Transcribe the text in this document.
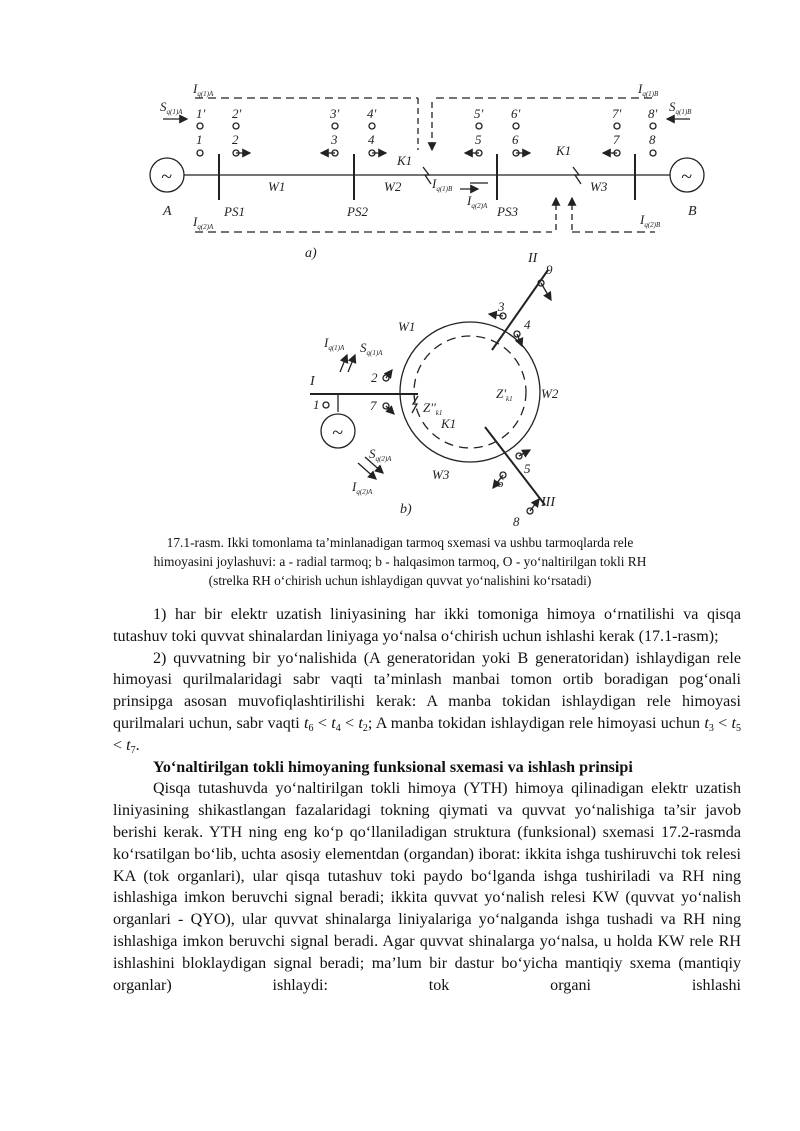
~	~
A	B
PS1	PS2	PS3
W1	W2	W3
K1
K1
1' 2'	3' 4'	5' 6'	7' 8'
1 2	3 4	5 6	7 8
$I_{q(1)A}$	$I_{q(1)B}$
$I_{q(2)A}$	$I_{q(2)B}$
$I_{q(1)B}$
$I_{q(2)A}$
$S_{q(1)A}$	$S_{q(1)B}$
a)
~
I
II
III
W1
W2
W3
K1
$Z'_{k1}$
$Z''_{k1}$
1
2
3
4
5
6
7
8
9
$I_{q(1)A}$ $S_{q(1)A}$
$S_{q(2)A}$
$I_{q(2)A}$
b)
17.1-rasm. Ikki tomonlama ta’minlanadigan tarmoq sxemasi va ushbu tarmoqlarda rele
himoyasini joylashuvi: a - radial tarmoq; b - halqasimon tarmoq, O - yo‘naltirilgan tokli RH
(strelka RH o‘chirish uchun ishlaydigan quvvat yo‘nalishini ko‘rsatadi)

1) har bir elektr uzatish liniyasining har ikki tomoniga himoya o‘rnatilishi va qisqa tutashuv toki quvvat shinalardan liniyaga yo‘nalsa o‘chirish uchun ishlashi kerak (17.1-rasm);

2) quvvatning bir yo‘nalishida (A generatoridan yoki B generatoridan) ishlaydigan rele himoyasi qurilmalaridagi sabr vaqti ta’minlash manbai tomon ortib boradigan pog‘onali prinsipga asosan muvofiqlashtirilishi kerak: A manba tokidan ishlaydigan rele himoyasi qurilmalari uchun, sabr vaqti $t_6 < t_4 < t_2$; A manba tokidan ishlaydigan rele himoyasi uchun $t_3 < t_5 < t_7$.

Yo‘naltirilgan tokli himoyaning funksional sxemasi va ishlash prinsipi

Qisqa tutashuvda yo‘naltirilgan tokli himoya (YTH) himoya qilinadigan elektr uzatish liniyasining shikastlangan fazalaridagi tokning qiymati va quvvat yo‘nalishiga ta’sir javob berishi kerak. YTH ning eng ko‘p qo‘llaniladigan struktura (funksional) sxemasi 17.2-rasmda ko‘rsatilgan bo‘lib, uchta asosiy elementdan (organdan) iborat: ikkita ishga tushiruvchi tok relesi KA (tok organlari), ular qisqa tutashuv toki paydo bo‘lganda ishga tushiriladi va RH ning ishlashiga imkon beruvchi signal beradi; ikkita quvvat yo‘nalish relesi KW (quvvat yo‘nalish organlari - QYO), ular quvvat shinalarga liniyalariga yo‘nalganda ishga tushadi va RH ning ishlashiga imkon beruvchi signal beradi. Agar quvvat shinalarga yo‘nalsa, u holda KW rele RH ishlashini bloklaydigan signal beradi; ma’lum bir dastur bo‘yicha mantiqiy sxema (mantiqiy organlar) ishlaydi: tok organi ishlashi
